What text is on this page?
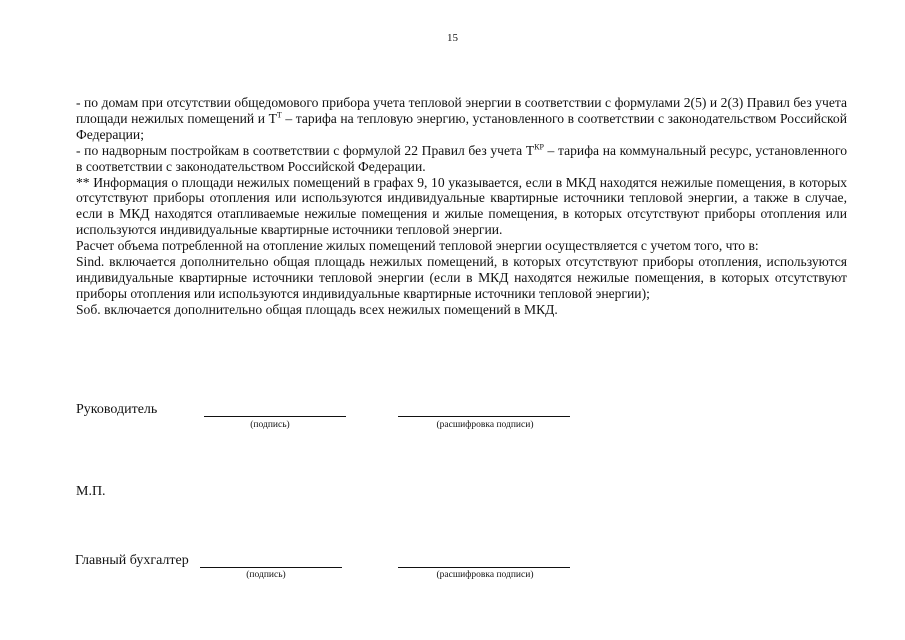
15

- по домам при отсутствии общедомового прибора учета тепловой энергии в соответствии с формулами 2(5) и 2(3) Правил без учета площади нежилых помещений и $Т^Т$ – тарифа на тепловую энергию, установленного в соответствии с законодательством Российской Федерации;

- по надворным постройкам в соответствии с формулой 22 Правил без учета $Т^{КР}$ – тарифа на коммунальный ресурс, установленного в соответствии с законодательством Российской Федерации.

** Информация о площади нежилых помещений в графах 9, 10 указывается, если в МКД находятся нежилые помещения, в которых отсутствуют приборы отопления или используются индивидуальные квартирные источники тепловой энергии, а также в случае, если в МКД находятся отапливаемые нежилые помещения и жилые помещения, в которых отсутствуют приборы отопления или используются индивидуальные квартирные источники тепловой энергии.

Расчет объема потребленной на отопление жилых помещений тепловой энергии осуществляется с учетом того, что в:

Sind. включается дополнительно общая площадь нежилых помещений, в которых отсутствуют приборы отопления, используются индивидуальные квартирные источники тепловой энергии (если в МКД находятся нежилые помещения, в которых отсутствуют приборы отопления или используются индивидуальные квартирные источники тепловой энергии);

Sоб. включается дополнительно общая площадь всех нежилых помещений в МКД.

Руководитель
(подпись)	(расшифровка подписи)
М.П.
Главный бухгалтер
(подпись)	(расшифровка подписи)
